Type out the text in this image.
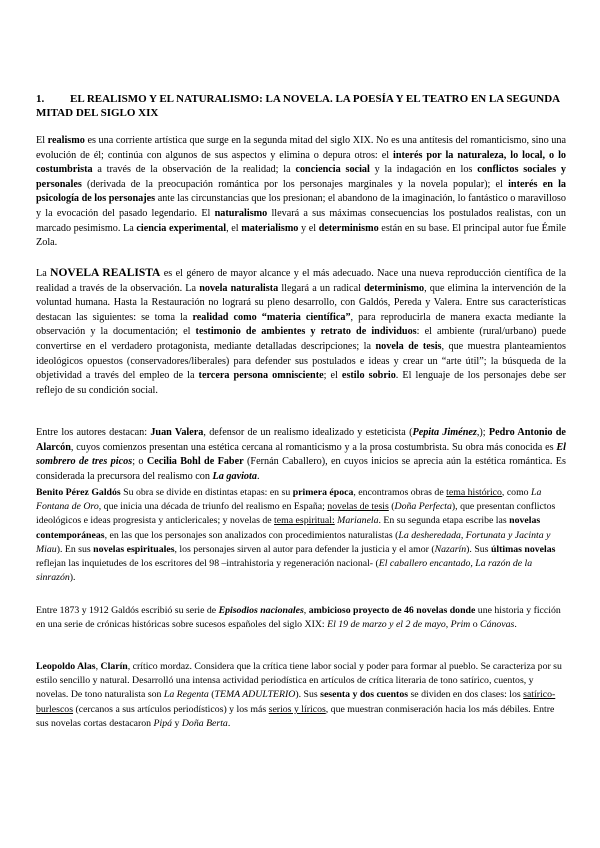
1. EL REALISMO Y EL NATURALISMO: LA NOVELA. LA POESÍA Y EL TEATRO EN LA SEGUNDA MITAD DEL SIGLO XIX

El realismo es una corriente artística que surge en la segunda mitad del siglo XIX. No es una antítesis del romanticismo, sino una evolución de él; continúa con algunos de sus aspectos y elimina o depura otros: el interés por la naturaleza, lo local, o lo costumbrista a través de la observación de la realidad; la conciencia social y la indagación en los conflictos sociales y personales (derivada de la preocupación romántica por los personajes marginales y la novela popular); el interés en la psicología de los personajes ante las circunstancias que los presionan; el abandono de la imaginación, lo fantástico o maravilloso y la evocación del pasado legendario. El naturalismo llevará a sus máximas consecuencias los postulados realistas, con un marcado pesimismo. La ciencia experimental, el materialismo y el determinismo están en su base. El principal autor fue Émile Zola.

La NOVELA REALISTA es el género de mayor alcance y el más adecuado. Nace una nueva reproducción científica de la realidad a través de la observación. La novela naturalista llegará a un radical determinismo, que elimina la intervención de la voluntad humana. Hasta la Restauración no logrará su pleno desarrollo, con Galdós, Pereda y Valera. Entre sus características destacan las siguientes: se toma la realidad como “materia científica”, para reproducirla de manera exacta mediante la observación y la documentación; el testimonio de ambientes y retrato de individuos: el ambiente (rural/urbano) puede convertirse en el verdadero protagonista, mediante detalladas descripciones; la novela de tesis, que muestra planteamientos ideológicos opuestos (conservadores/liberales) para defender sus postulados e ideas y crear un “arte útil”; la búsqueda de la objetividad a través del empleo de la tercera persona omnisciente; el estilo sobrio. El lenguaje de los personajes debe ser reflejo de su condición social.

Entre los autores destacan: Juan Valera, defensor de un realismo idealizado y esteticista (Pepita Jiménez,); Pedro Antonio de Alarcón, cuyos comienzos presentan una estética cercana al romanticismo y a la prosa costumbrista. Su obra más conocida es El sombrero de tres picos; o Cecilia Bohl de Faber (Fernán Caballero), en cuyos inicios se aprecia aún la estética romántica. Es considerada la precursora del realismo con La gaviota.

Benito Pérez Galdós Su obra se divide en distintas etapas: en su primera época, encontramos obras de tema histórico, como La Fontana de Oro, que inicia una década de triunfo del realismo en España; novelas de tesis (Doña Perfecta), que presentan conflictos ideológicos e ideas progresista y anticlericales; y novelas de tema espiritual: Marianela. En su segunda etapa escribe las novelas contemporáneas, en las que los personajes son analizados con procedimientos naturalistas (La desheredada, Fortunata y Jacinta y Miau). En sus novelas espirituales, los personajes sirven al autor para defender la justicia y el amor (Nazarín). Sus últimas novelas reflejan las inquietudes de los escritores del 98 –intrahistoria y regeneración nacional- (El caballero encantado, La razón de la sinrazón).

Entre 1873 y 1912 Galdós escribió su serie de Episodios nacionales, ambicioso proyecto de 46 novelas donde une historia y ficción en una serie de crónicas históricas sobre sucesos españoles del siglo XIX: El 19 de marzo y el 2 de mayo, Prim o Cánovas.

Leopoldo Alas, Clarín, crítico mordaz. Considera que la crítica tiene labor social y poder para formar al pueblo. Se caracteriza por su estilo sencillo y natural. Desarrolló una intensa actividad periodística en artículos de crítica literaria de tono satírico, cuentos, y novelas. De tono naturalista son La Regenta (TEMA ADULTERIO). Sus sesenta y dos cuentos se dividen en dos clases: los satírico- burlescos (cercanos a sus artículos periodísticos) y los más serios y líricos, que muestran conmiseración hacia los más débiles. Entre sus novelas cortas destacaron Pipá y Doña Berta.
